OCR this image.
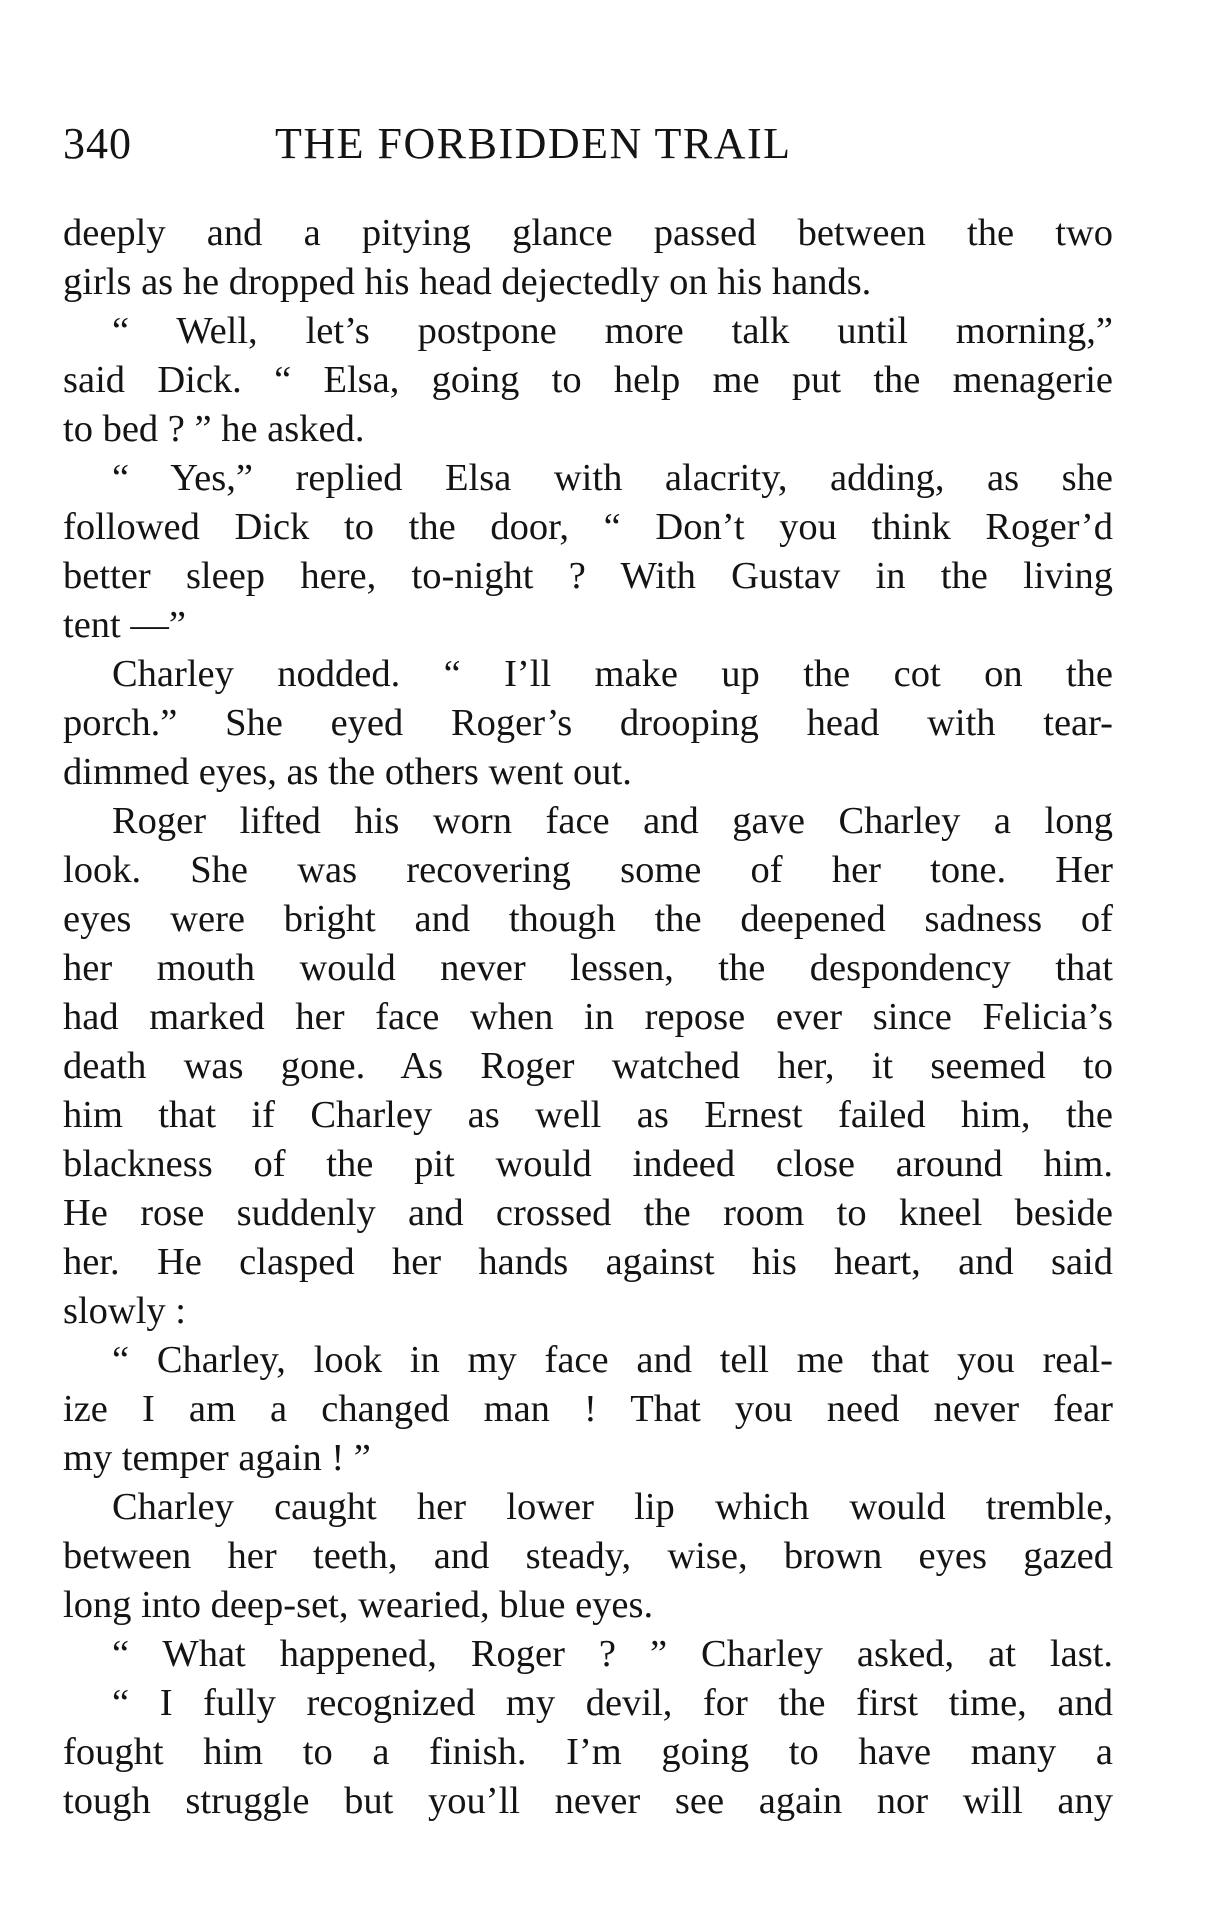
340	THE FORBIDDEN TRAIL
deeply and a pitying glance passed between the two
girls as he dropped his head dejectedly on his hands.
“ Well, let’s postpone more talk until morning,”
said Dick. “ Elsa, going to help me put the menagerie
to bed ? ” he asked.
“ Yes,” replied Elsa with alacrity, adding, as she
followed Dick to the door, “ Don’t you think Roger’d
better sleep here, to-night ? With Gustav in the living
tent —”
Charley nodded. “ I’ll make up the cot on the
porch.” She eyed Roger’s drooping head with tear-
dimmed eyes, as the others went out.
Roger lifted his worn face and gave Charley a long
look. She was recovering some of her tone. Her
eyes were bright and though the deepened sadness of
her mouth would never lessen, the despondency that
had marked her face when in repose ever since Felicia’s
death was gone. As Roger watched her, it seemed to
him that if Charley as well as Ernest failed him, the
blackness of the pit would indeed close around him.
He rose suddenly and crossed the room to kneel beside
her. He clasped her hands against his heart, and said
slowly :
“ Charley, look in my face and tell me that you real-
ize I am a changed man ! That you need never fear
my temper again ! ”
Charley caught her lower lip which would tremble,
between her teeth, and steady, wise, brown eyes gazed
long into deep-set, wearied, blue eyes.
“ What happened, Roger ? ” Charley asked, at last.
“ I fully recognized my devil, for the first time, and
fought him to a finish. I’m going to have many a
tough struggle but you’ll never see again nor will any
